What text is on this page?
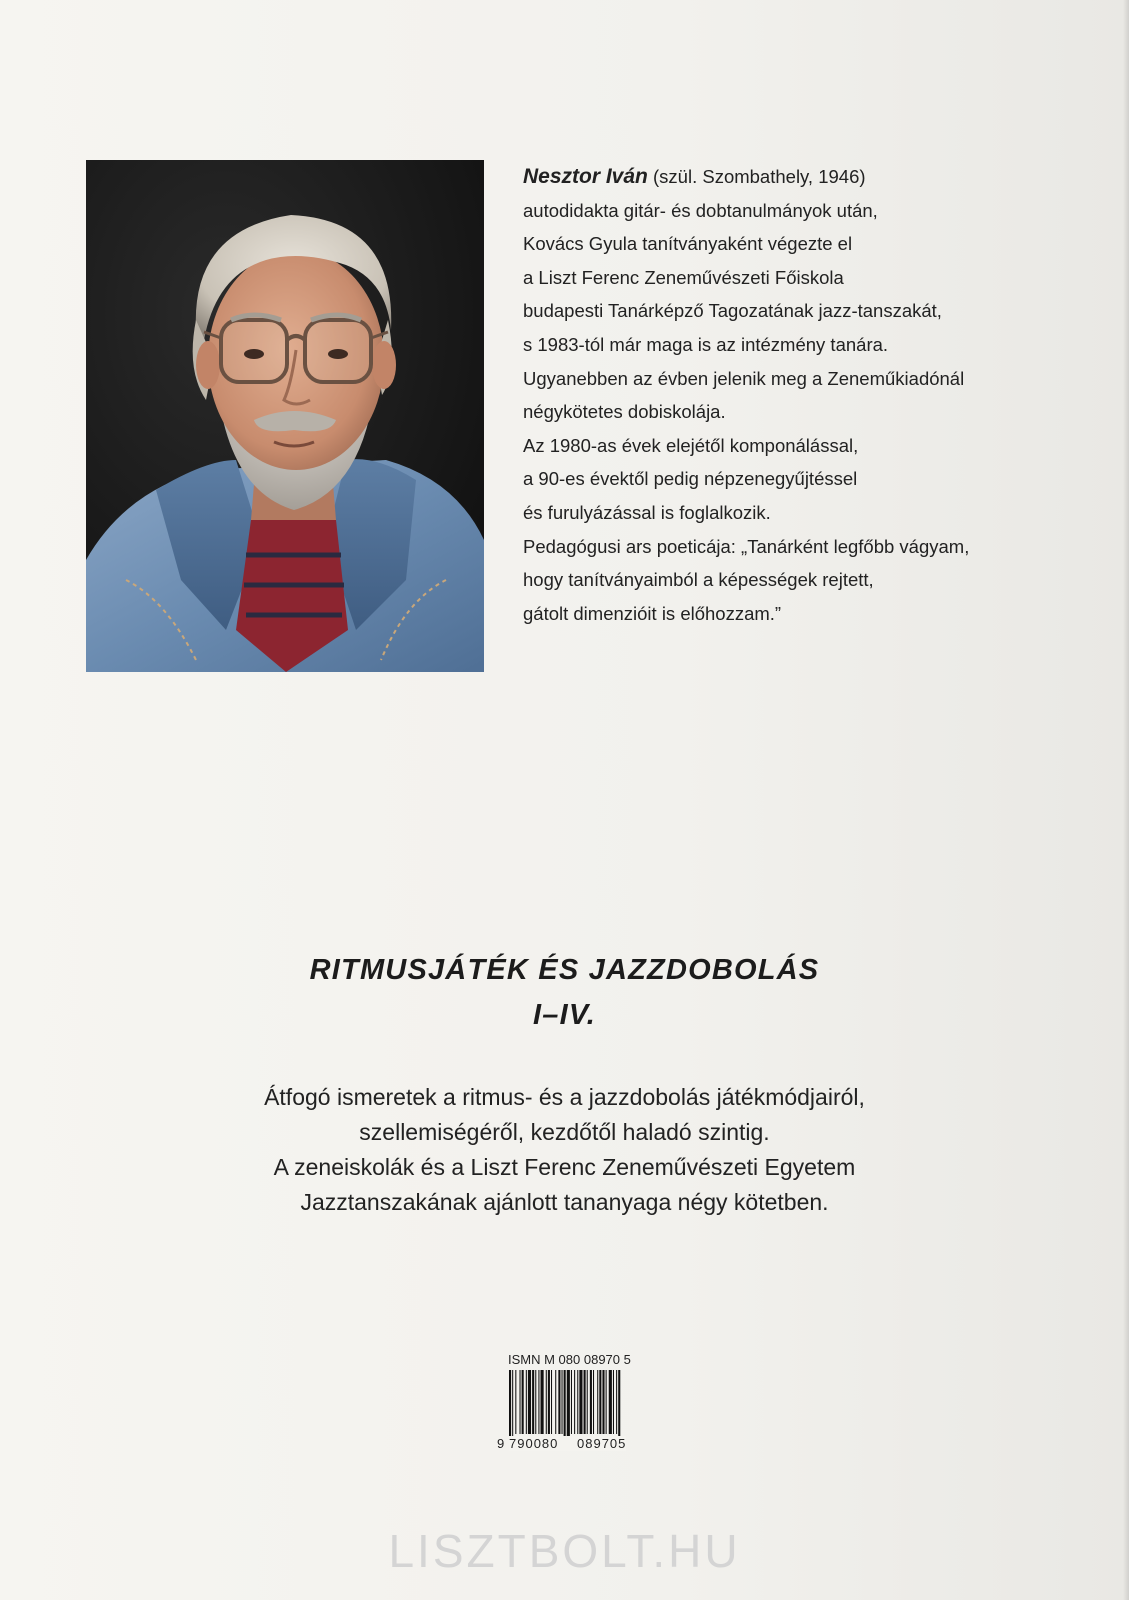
Nesztor Iván (szül. Szombathely, 1946)
autodidakta gitár- és dobtanulmányok után,
Kovács Gyula tanítványaként végezte el
a Liszt Ferenc Zeneművészeti Főiskola
budapesti Tanárképző Tagozatának jazz-tanszakát,
s 1983-tól már maga is az intézmény tanára.
Ugyanebben az évben jelenik meg a Zeneműkiadónál
négykötetes dobiskolája.
Az 1980-as évek elejétől komponálással,
a 90-es évektől pedig népzenegyűjtéssel
és furulyázással is foglalkozik.
Pedagógusi ars poeticája: „Tanárként legfőbb vágyam,
hogy tanítványaimból a képességek rejtett,
gátolt dimenzióit is előhozzam.”
RITMUSJÁTÉK ÉS JAZZDOBOLÁS
I–IV.
Átfogó ismeretek a ritmus- és a jazzdobolás játékmódjairól,
szellemiségéről, kezdőtől haladó szintig.
A zeneiskolák és a Liszt Ferenc Zeneművészeti Egyetem
Jazztanszakának ajánlott tananyaga négy kötetben.
ISMN M 080 08970 5
9 790080 089705
LISZTBOLT.HU
